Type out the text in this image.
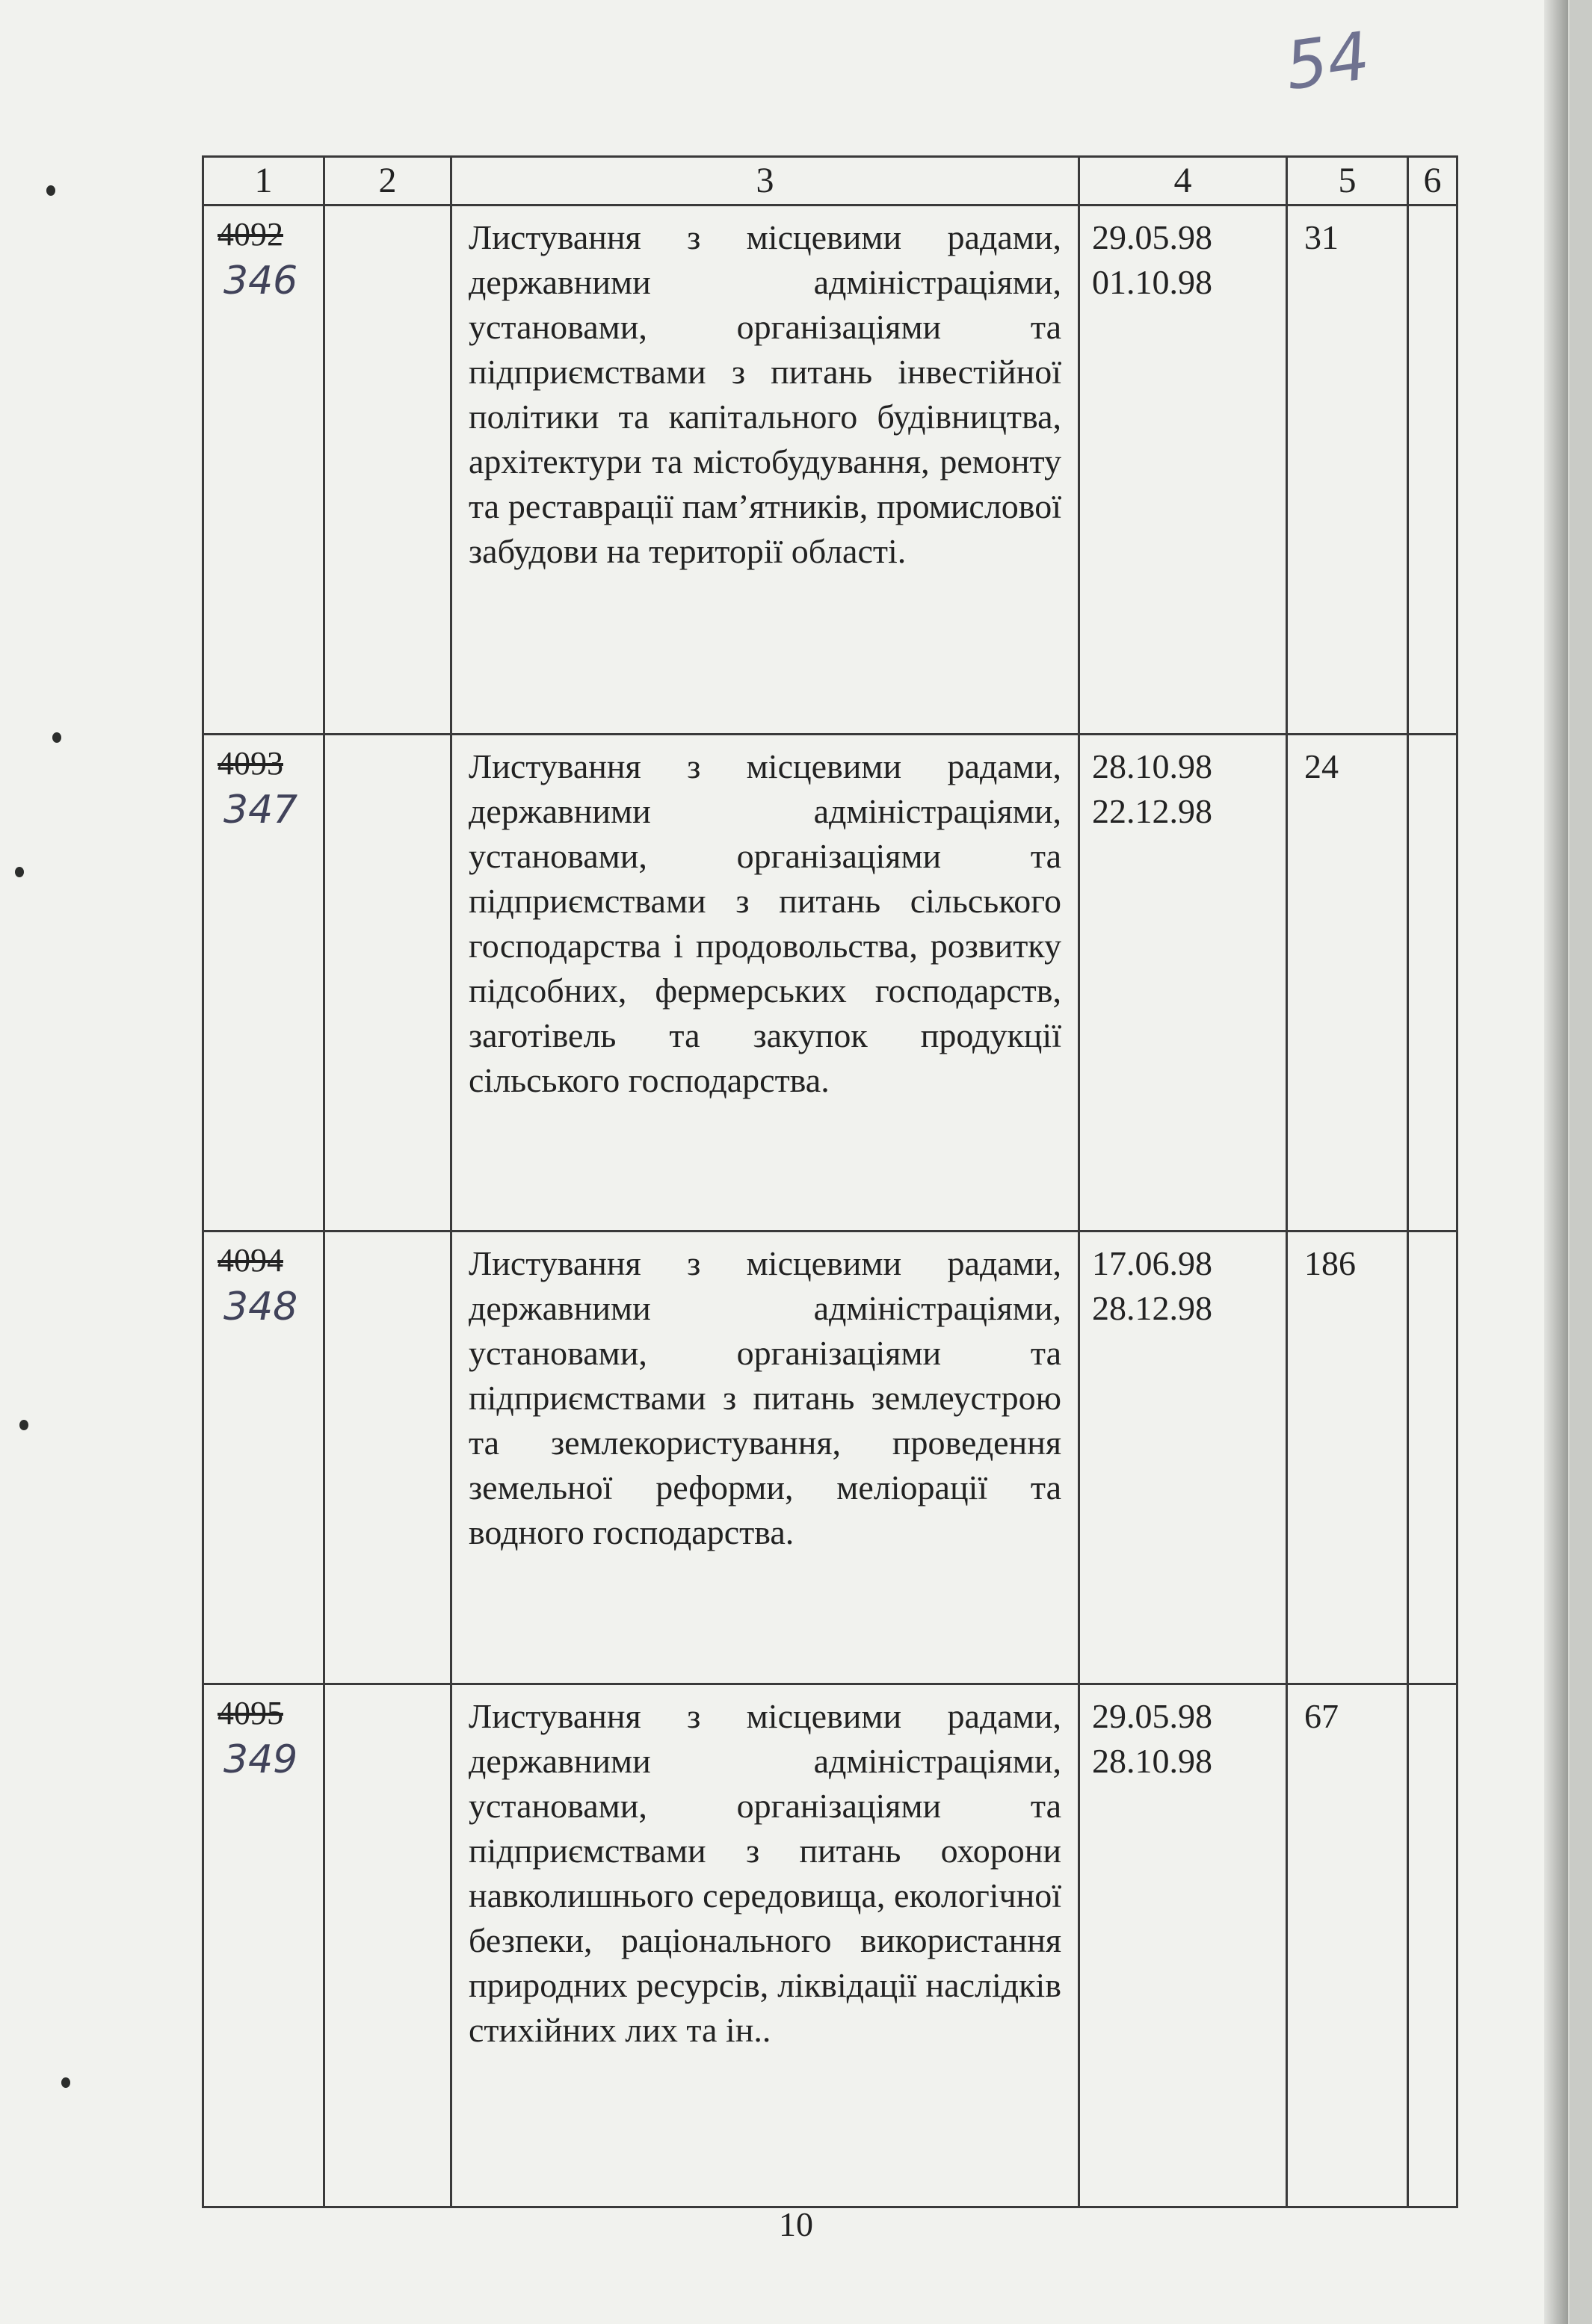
54
1	2	3	4	5	6

4092
346		Листування з місцевими радами, державними адміністраціями, установами, організаціями та підприємствами з питань інвестійної політики та капітального будівництва, архітектури та містобудування, ремонту та реставрації пам’ятників, промислової забудови на території області.	29.05.98
01.10.98	31	

4093
347		Листування з місцевими радами, державними адміністраціями, установами, організаціями та підприємствами з питань сільського господарства і продовольства, розвитку підсобних, фермерських господарств, заготівель та закупок продукції сільського господарства.	28.10.98
22.12.98	24	

4094
348		Листування з місцевими радами, державними адміністраціями, установами, організаціями та підприємствами з питань землеустрою та землекористування, проведення земельної реформи, меліорації та водного господарства.	17.06.98
28.12.98	186	

4095
349		Листування з місцевими радами, державними адміністраціями, установами, організаціями та підприємствами з питань охорони навколишнього середовища, екологічної безпеки, раціонального використання природних ресурсів, ліквідації наслідків стихійних лих та ін..	29.05.98
28.10.98	67	
10
